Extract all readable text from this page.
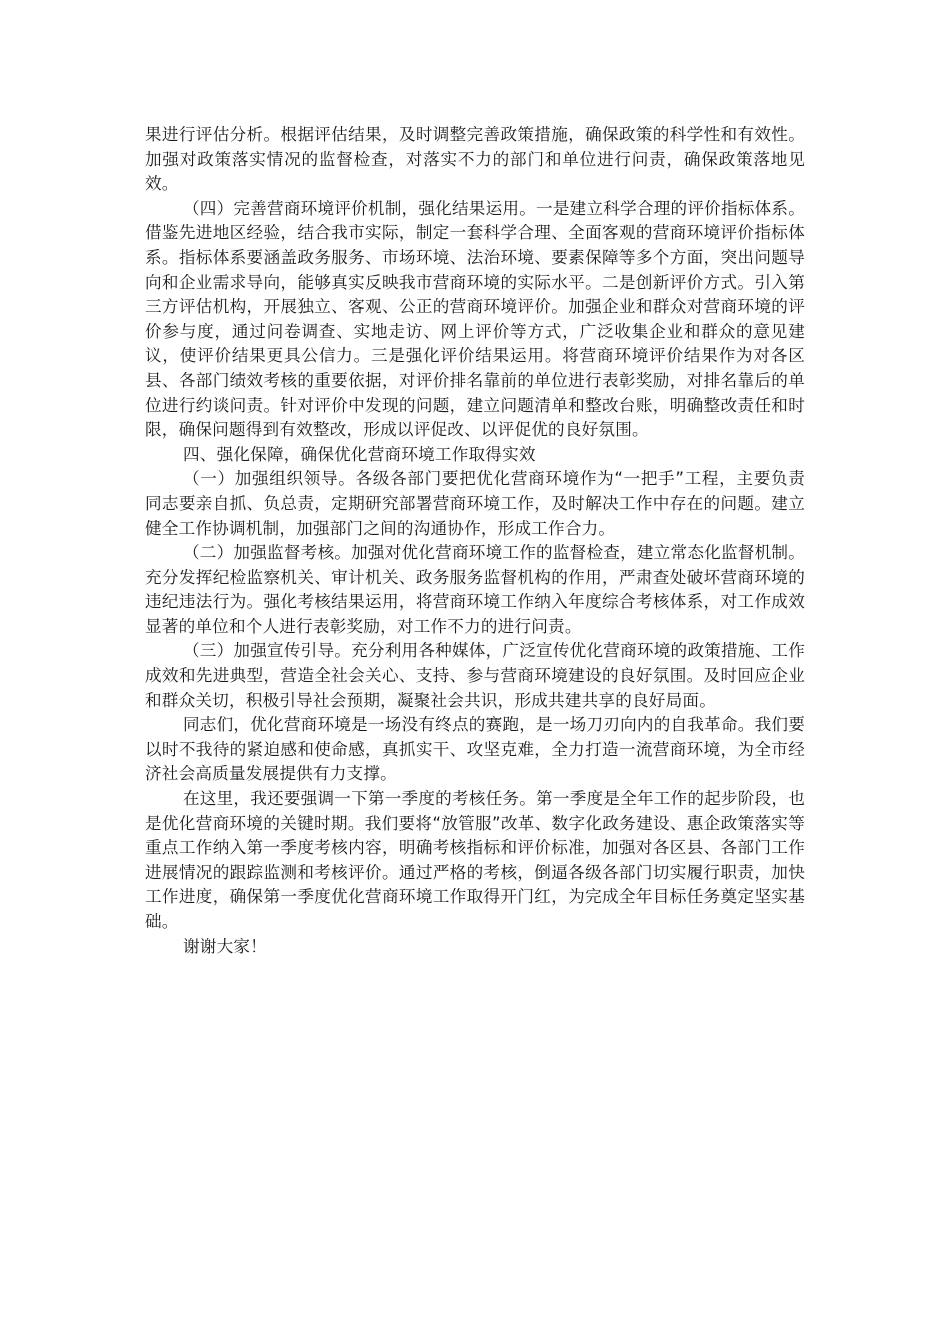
果进行评估分析。根据评估结果，及时调整完善政策措施，确保政策的科学性和有效性。加强对政策落实情况的监督检查，对落实不力的部门和单位进行问责，确保政策落地见效。

（四）完善营商环境评价机制，强化结果运用。一是建立科学合理的评价指标体系。借鉴先进地区经验，结合我市实际，制定一套科学合理、全面客观的营商环境评价指标体系。指标体系要涵盖政务服务、市场环境、法治环境、要素保障等多个方面，突出问题导向和企业需求导向，能够真实反映我市营商环境的实际水平。二是创新评价方式。引入第三方评估机构，开展独立、客观、公正的营商环境评价。加强企业和群众对营商环境的评价参与度，通过问卷调查、实地走访、网上评价等方式，广泛收集企业和群众的意见建议，使评价结果更具公信力。三是强化评价结果运用。将营商环境评价结果作为对各区县、各部门绩效考核的重要依据，对评价排名靠前的单位进行表彰奖励，对排名靠后的单位进行约谈问责。针对评价中发现的问题，建立问题清单和整改台账，明确整改责任和时限，确保问题得到有效整改，形成以评促改、以评促优的良好氛围。

四、强化保障，确保优化营商环境工作取得实效

（一）加强组织领导。各级各部门要把优化营商环境作为“一把手”工程，主要负责同志要亲自抓、负总责，定期研究部署营商环境工作，及时解决工作中存在的问题。建立健全工作协调机制，加强部门之间的沟通协作，形成工作合力。

（二）加强监督考核。加强对优化营商环境工作的监督检查，建立常态化监督机制。充分发挥纪检监察机关、审计机关、政务服务监督机构的作用，严肃查处破坏营商环境的违纪违法行为。强化考核结果运用，将营商环境工作纳入年度综合考核体系，对工作成效显著的单位和个人进行表彰奖励，对工作不力的进行问责。

（三）加强宣传引导。充分利用各种媒体，广泛宣传优化营商环境的政策措施、工作成效和先进典型，营造全社会关心、支持、参与营商环境建设的良好氛围。及时回应企业和群众关切，积极引导社会预期，凝聚社会共识，形成共建共享的良好局面。

同志们，优化营商环境是一场没有终点的赛跑，是一场刀刃向内的自我革命。我们要以时不我待的紧迫感和使命感，真抓实干、攻坚克难，全力打造一流营商环境，为全市经济社会高质量发展提供有力支撑。

在这里，我还要强调一下第一季度的考核任务。第一季度是全年工作的起步阶段，也是优化营商环境的关键时期。我们要将“放管服”改革、数字化政务建设、惠企政策落实等重点工作纳入第一季度考核内容，明确考核指标和评价标准，加强对各区县、各部门工作进展情况的跟踪监测和考核评价。通过严格的考核，倒逼各级各部门切实履行职责，加快工作进度，确保第一季度优化营商环境工作取得开门红，为完成全年目标任务奠定坚实基础。

谢谢大家！
